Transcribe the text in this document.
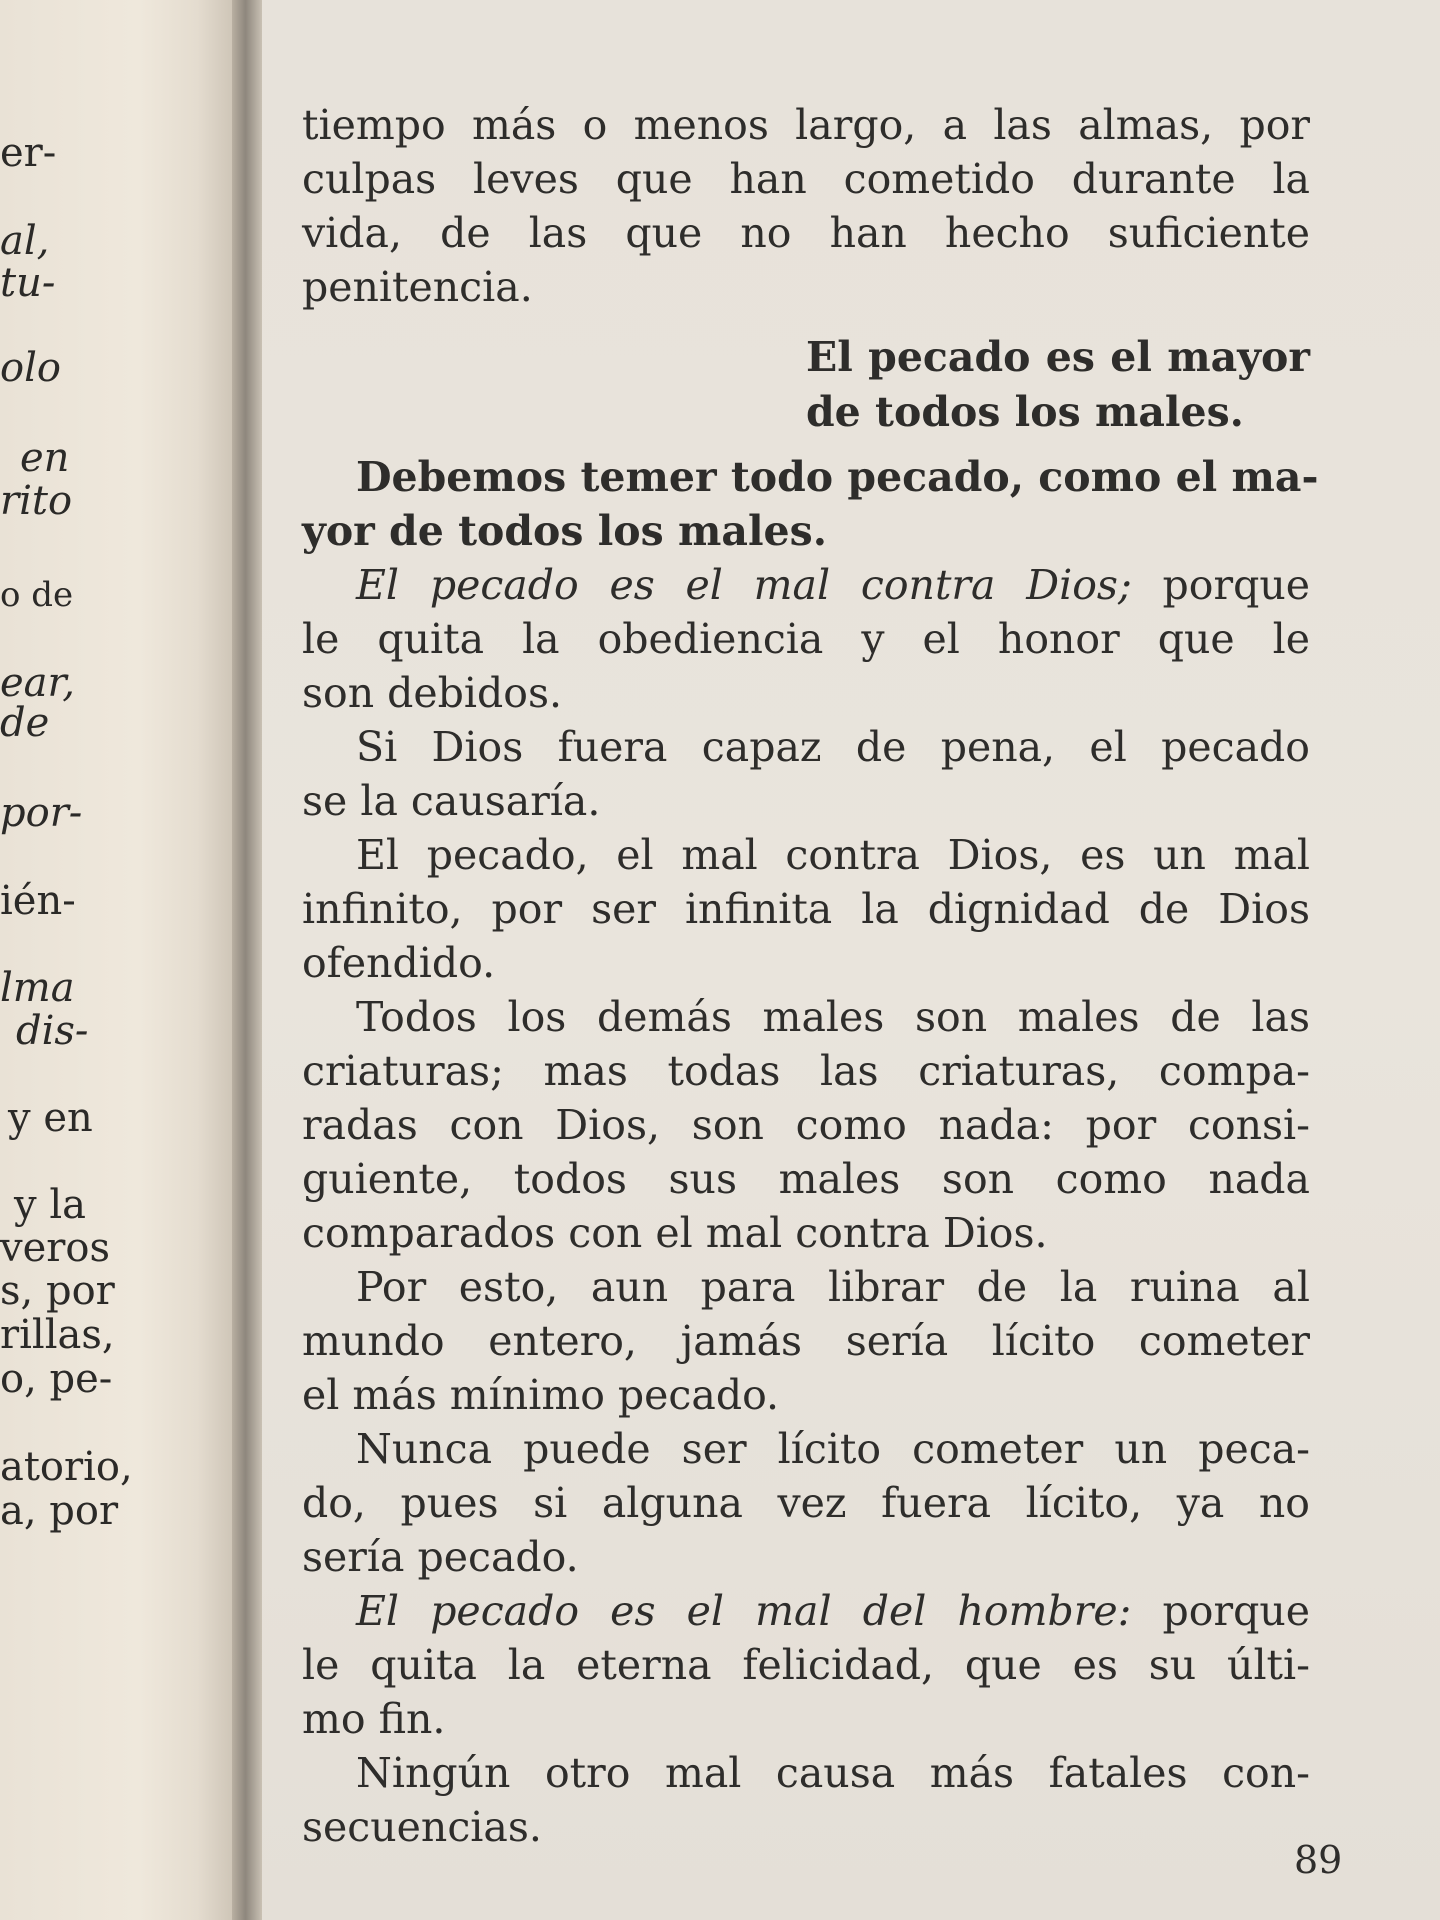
er-
al,
tu-
olo
en
rito
o de
ear,
de
por-
ién-
lma
dis-
y en
y la
veros
s, por
rillas,
o, pe-
atorio,
a, por
tiempo más o menos largo, a las almas, por
culpas leves que han cometido durante la
vida, de las que no han hecho suficiente
penitencia.
El pecado es el mayor
de todos los males.
Debemos temer todo pecado, como el ma-
yor de todos los males.
El pecado es el mal contra Dios; porque
le quita la obediencia y el honor que le
son debidos.
Si Dios fuera capaz de pena, el pecado
se la causaría.
El pecado, el mal contra Dios, es un mal
infinito, por ser infinita la dignidad de Dios
ofendido.
Todos los demás males son males de las
criaturas; mas todas las criaturas, compa-
radas con Dios, son como nada: por consi-
guiente, todos sus males son como nada
comparados con el mal contra Dios.
Por esto, aun para librar de la ruina al
mundo entero, jamás sería lícito cometer
el más mínimo pecado.
Nunca puede ser lícito cometer un peca-
do, pues si alguna vez fuera lícito, ya no
sería pecado.
El pecado es el mal del hombre: porque
le quita la eterna felicidad, que es su últi-
mo fin.
Ningún otro mal causa más fatales con-
secuencias.
89
